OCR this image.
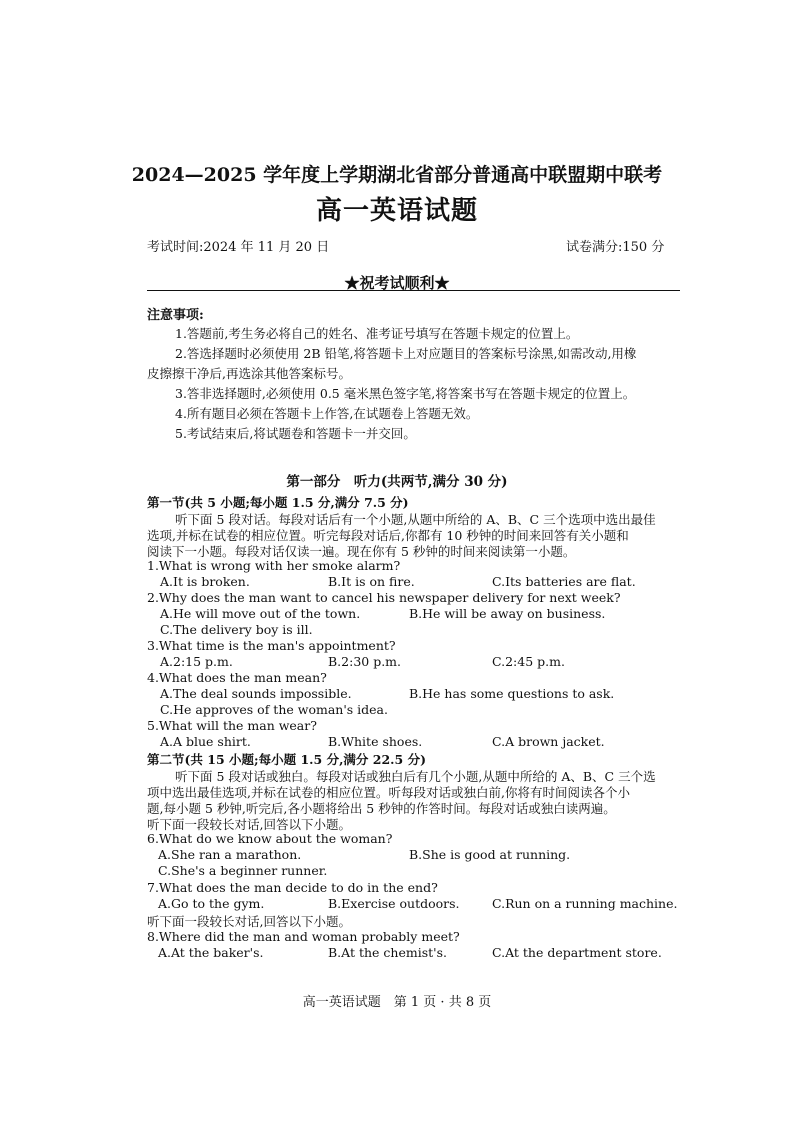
2024—2025 学年度上学期湖北省部分普通高中联盟期中联考
高一英语试题
考试时间:2024 年 11 月 20 日	试卷满分:150 分
★祝考试顺利★
注意事项:
1.答题前,考生务必将自己的姓名、准考证号填写在答题卡规定的位置上。
2.答选择题时必须使用 2B 铅笔,将答题卡上对应题目的答案标号涂黑,如需改动,用橡
皮擦擦干净后,再选涂其他答案标号。
3.答非选择题时,必须使用 0.5 毫米黑色签字笔,将答案书写在答题卡规定的位置上。
4.所有题目必须在答题卡上作答,在试题卷上答题无效。
5.考试结束后,将试题卷和答题卡一并交回。
第一部分　听力(共两节,满分 30 分)
第一节(共 5 小题;每小题 1.5 分,满分 7.5 分)
听下面 5 段对话。每段对话后有一个小题,从题中所给的 A、B、C 三个选项中选出最佳
选项,并标在试卷的相应位置。听完每段对话后,你都有 10 秒钟的时间来回答有关小题和
阅读下一小题。每段对话仅读一遍。现在你有 5 秒钟的时间来阅读第一小题。
1.What is wrong with her smoke alarm?
A.It is broken.	B.It is on fire.	C.Its batteries are flat.
2.Why does the man want to cancel his newspaper delivery for next week?
A.He will move out of the town.	B.He will be away on business.
C.The delivery boy is ill.
3.What time is the man's appointment?
A.2:15 p.m.	B.2:30 p.m.	C.2:45 p.m.
4.What does the man mean?
A.The deal sounds impossible.	B.He has some questions to ask.
C.He approves of the woman's idea.
5.What will the man wear?
A.A blue shirt.	B.White shoes.	C.A brown jacket.
第二节(共 15 小题;每小题 1.5 分,满分 22.5 分)
听下面 5 段对话或独白。每段对话或独白后有几个小题,从题中所给的 A、B、C 三个选
项中选出最佳选项,并标在试卷的相应位置。听每段对话或独白前,你将有时间阅读各个小
题,每小题 5 秒钟,听完后,各小题将给出 5 秒钟的作答时间。每段对话或独白读两遍。
听下面一段较长对话,回答以下小题。
6.What do we know about the woman?
A.She ran a marathon.	B.She is good at running.
C.She's a beginner runner.
7.What does the man decide to do in the end?
A.Go to the gym.	B.Exercise outdoors.	C.Run on a running machine.
听下面一段较长对话,回答以下小题。
8.Where did the man and woman probably meet?
A.At the baker's.	B.At the chemist's.	C.At the department store.
高一英语试题　第 1 页 · 共 8 页
